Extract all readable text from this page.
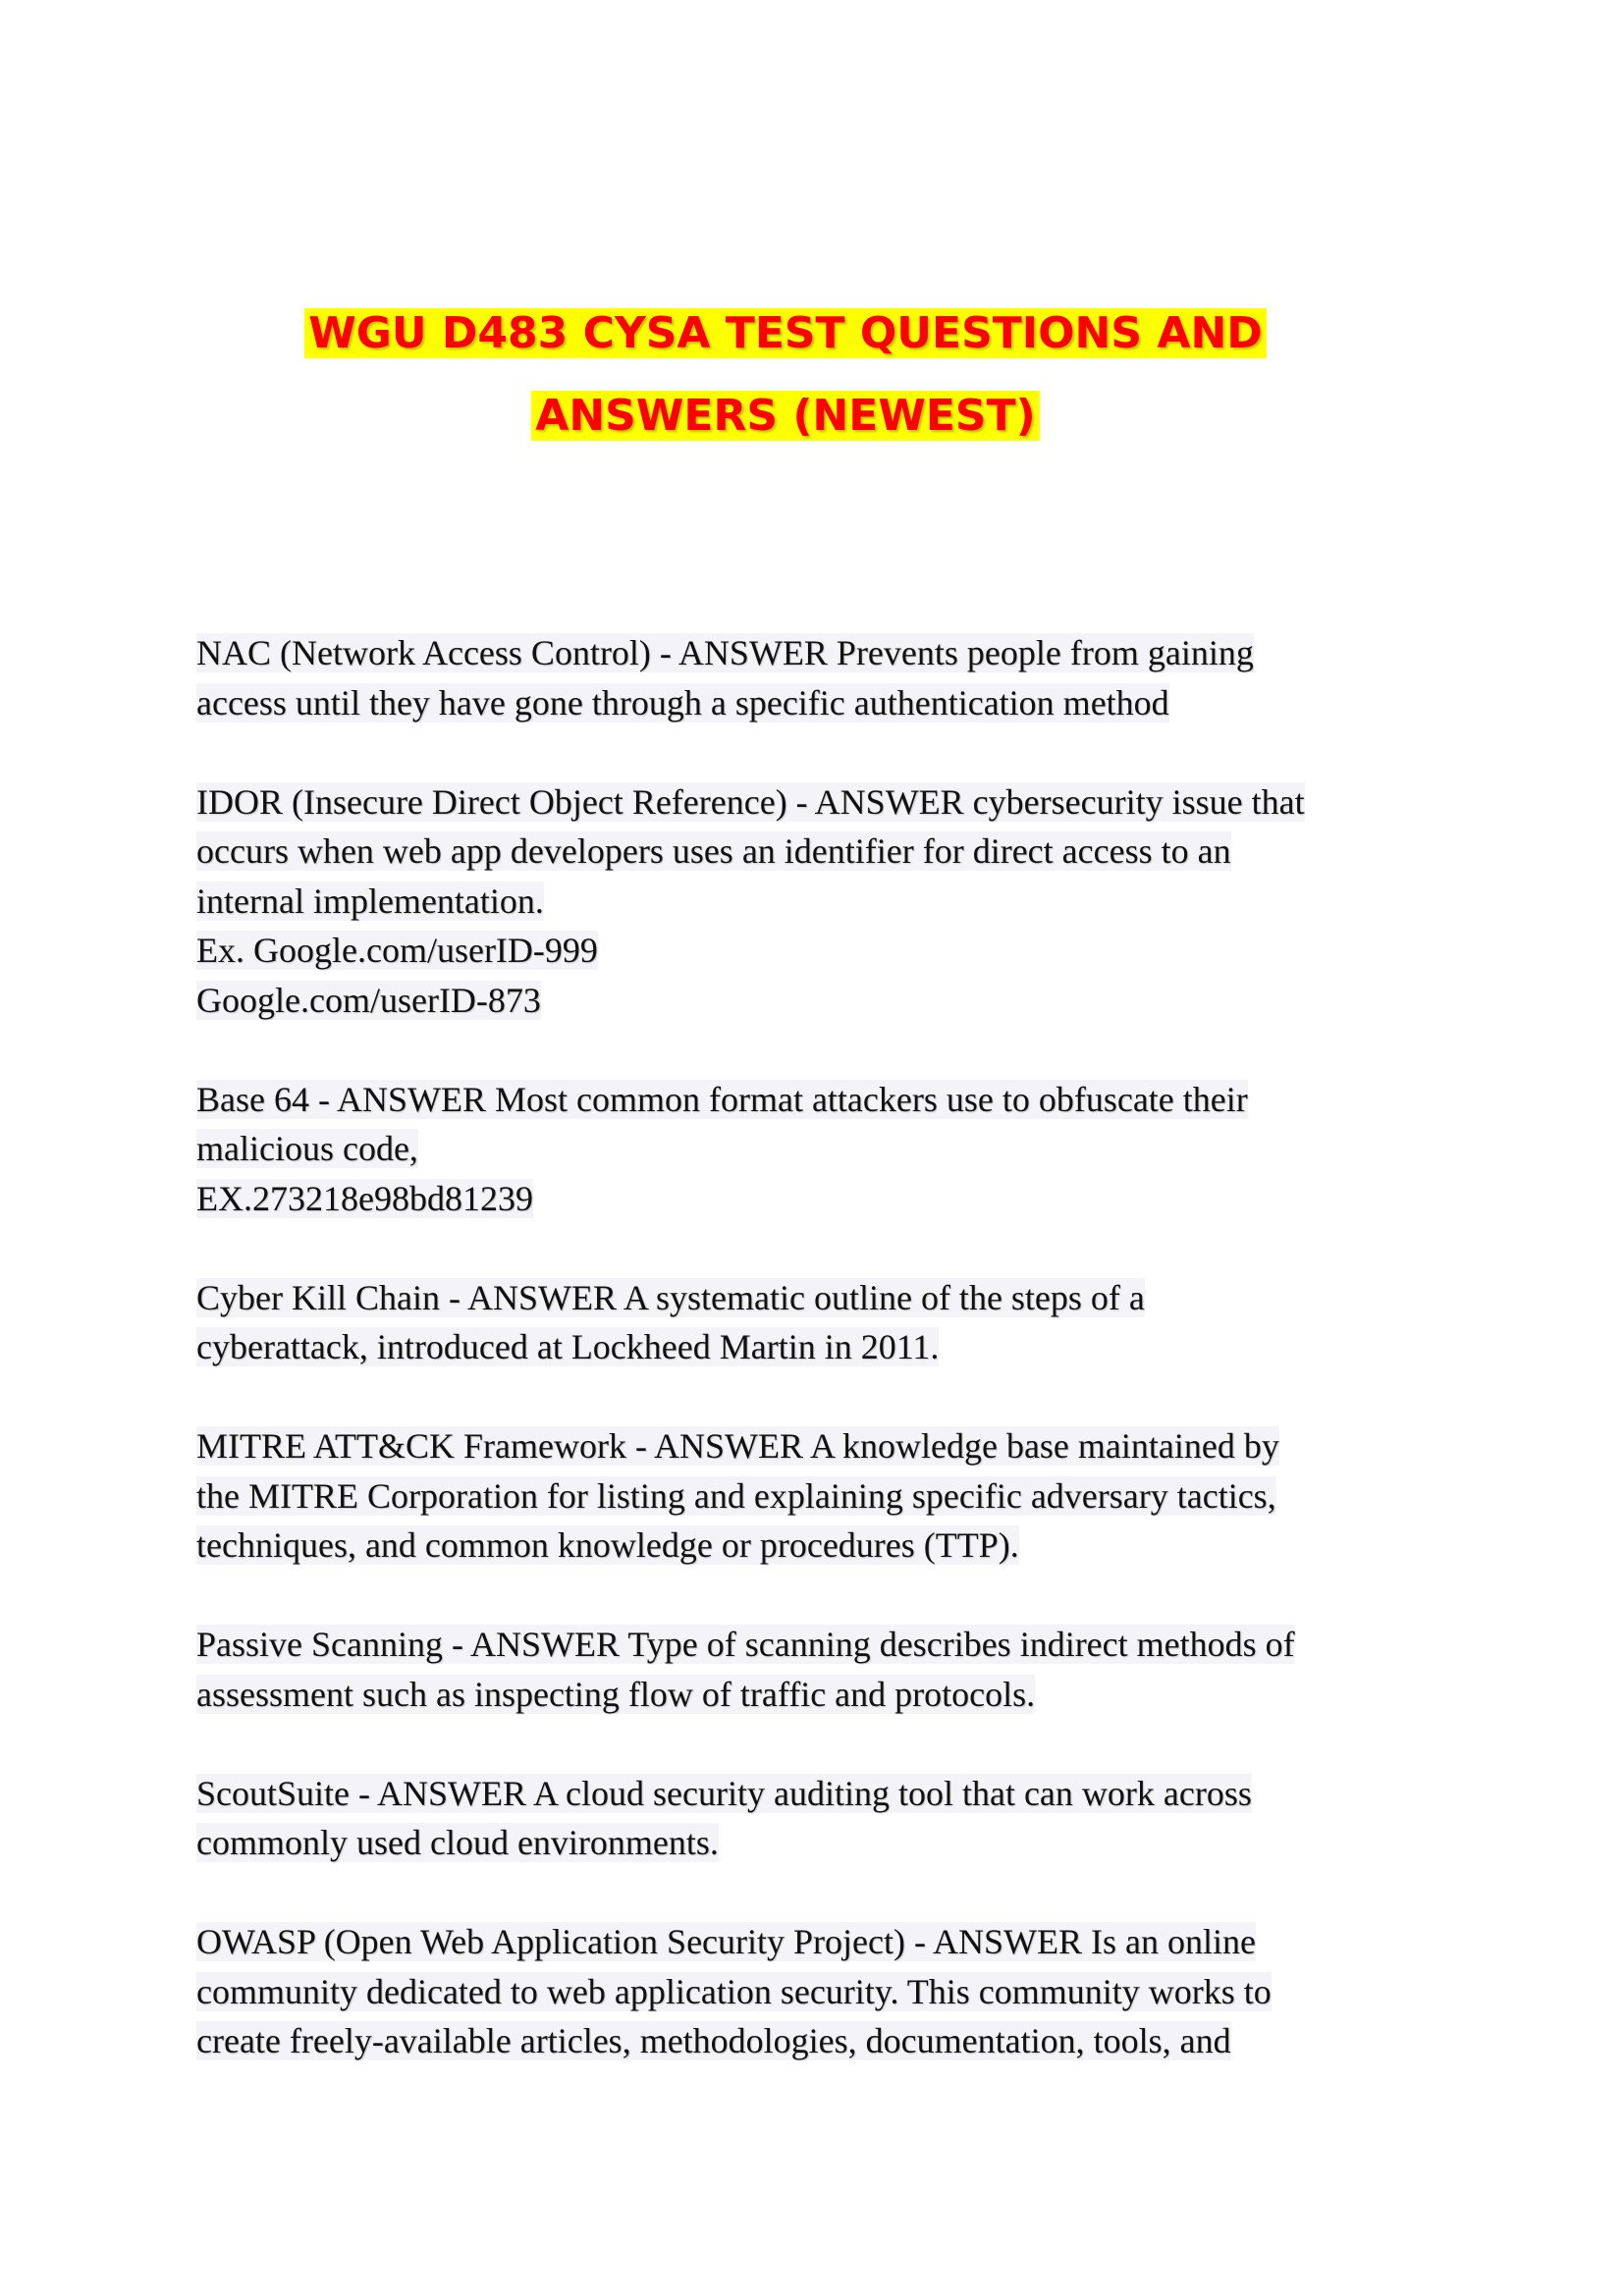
WGU D483 CYSA TEST QUESTIONS AND
ANSWERS (NEWEST)
NAC (Network Access Control) - ANSWER Prevents people from gaining
access until they have gone through a specific authentication method
IDOR (Insecure Direct Object Reference) - ANSWER cybersecurity issue that
occurs when web app developers uses an identifier for direct access to an
internal implementation.
Ex. Google.com/userID-999
Google.com/userID-873
Base 64 - ANSWER Most common format attackers use to obfuscate their
malicious code,
EX.273218e98bd81239
Cyber Kill Chain - ANSWER A systematic outline of the steps of a
cyberattack, introduced at Lockheed Martin in 2011.
MITRE ATT&CK Framework - ANSWER A knowledge base maintained by
the MITRE Corporation for listing and explaining specific adversary tactics,
techniques, and common knowledge or procedures (TTP).
Passive Scanning - ANSWER Type of scanning describes indirect methods of
assessment such as inspecting flow of traffic and protocols.
ScoutSuite - ANSWER A cloud security auditing tool that can work across
commonly used cloud environments.
OWASP (Open Web Application Security Project) - ANSWER Is an online
community dedicated to web application security. This community works to
create freely-available articles, methodologies, documentation, tools, and
